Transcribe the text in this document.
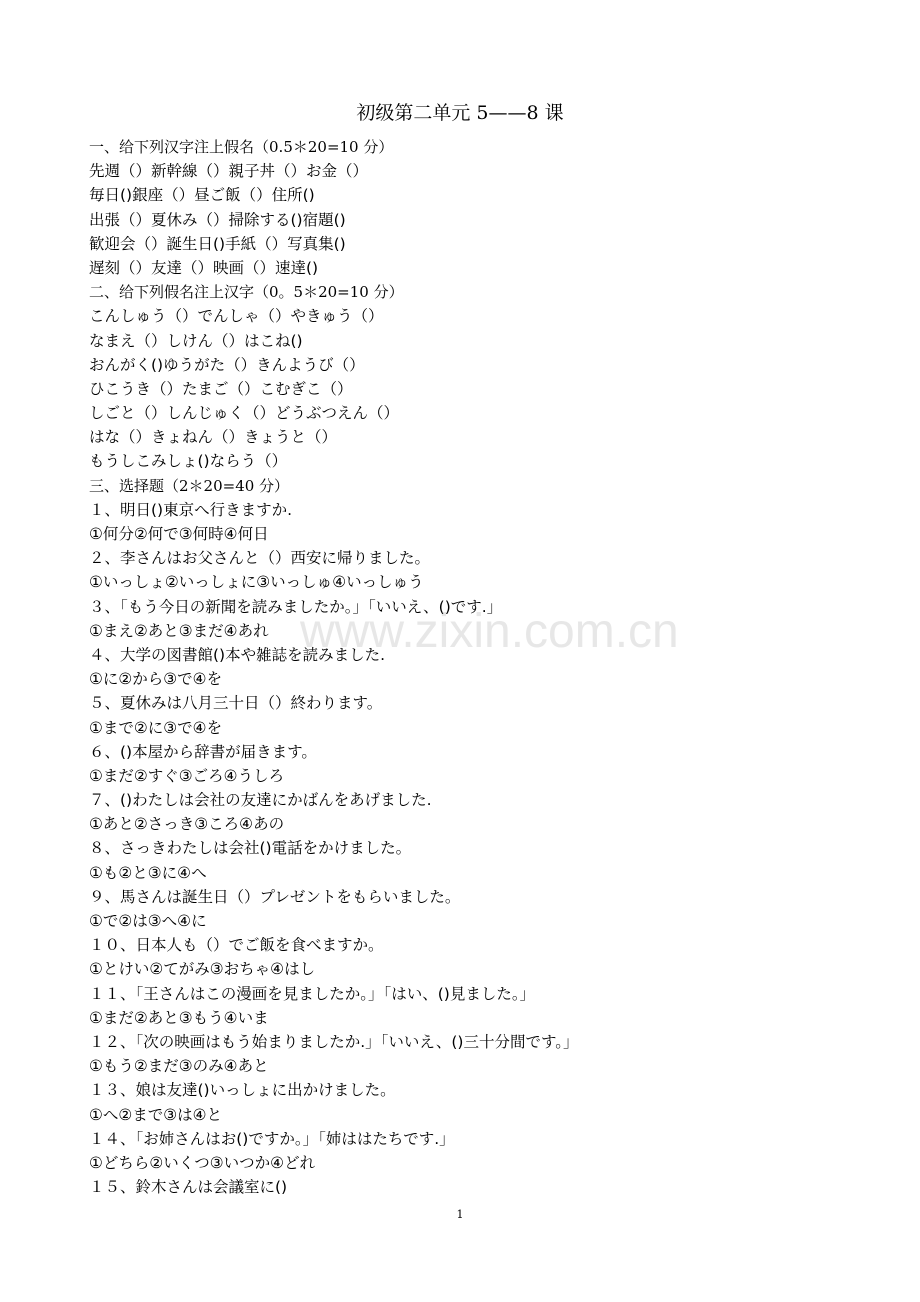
初级第二单元 5——8 课
一、给下列汉字注上假名（0.5＊20=10 分）
先週（）新幹線（）親子丼（）お金（）
毎日()銀座（）昼ご飯（）住所()
出張（）夏休み（）掃除する()宿題()
歓迎会（）誕生日()手紙（）写真集()
遅刻（）友達（）映画（）速達()
二、给下列假名注上汉字（0。5＊20=10 分）
こんしゅう（）でんしゃ（）やきゅう（）
なまえ（）しけん（）はこね()
おんがく()ゆうがた（）きんようび（）
ひこうき（）たまご（）こむぎこ（）
しごと（）しんじゅく（）どうぶつえん（）
はな（）きょねん（）きょうと（）
もうしこみしょ()ならう（）
三、选择题（2＊20=40 分）
１、明日()東京へ行きますか.
①何分②何で③何時④何日
２、李さんはお父さんと（）西安に帰りました。
①いっしょ②いっしょに③いっしゅ④いっしゅう
３、「もう今日の新聞を読みましたか。」「いいえ、()です.」
①まえ②あと③まだ④あれ
４、大学の図書館()本や雑誌を読みました.
①に②から③で④を
５、夏休みは八月三十日（）終わります。
①まで②に③で④を
６、()本屋から辞書が届きます。
①まだ②すぐ③ごろ④うしろ
７、()わたしは会社の友達にかばんをあげました.
①あと②さっき③ころ④あの
８、さっきわたしは会社()電話をかけました。
①も②と③に④へ
９、馬さんは誕生日（）プレゼントをもらいました。
①で②は③へ④に
１０、日本人も（）でご飯を食べますか。
①とけい②てがみ③おちゃ④はし
１１、「王さんはこの漫画を見ましたか。」「はい、()見ました。」
①まだ②あと③もう④いま
１２、「次の映画はもう始まりましたか.」「いいえ、()三十分間です。」
①もう②まだ③のみ④あと
１３、娘は友達()いっしょに出かけました。
①へ②まで③は④と
１４、「お姉さんはお()ですか。」「姉ははたちです.」
①どちら②いくつ③いつか④どれ
１５、鈴木さんは会議室に()
www.zixin.com.cn
1
